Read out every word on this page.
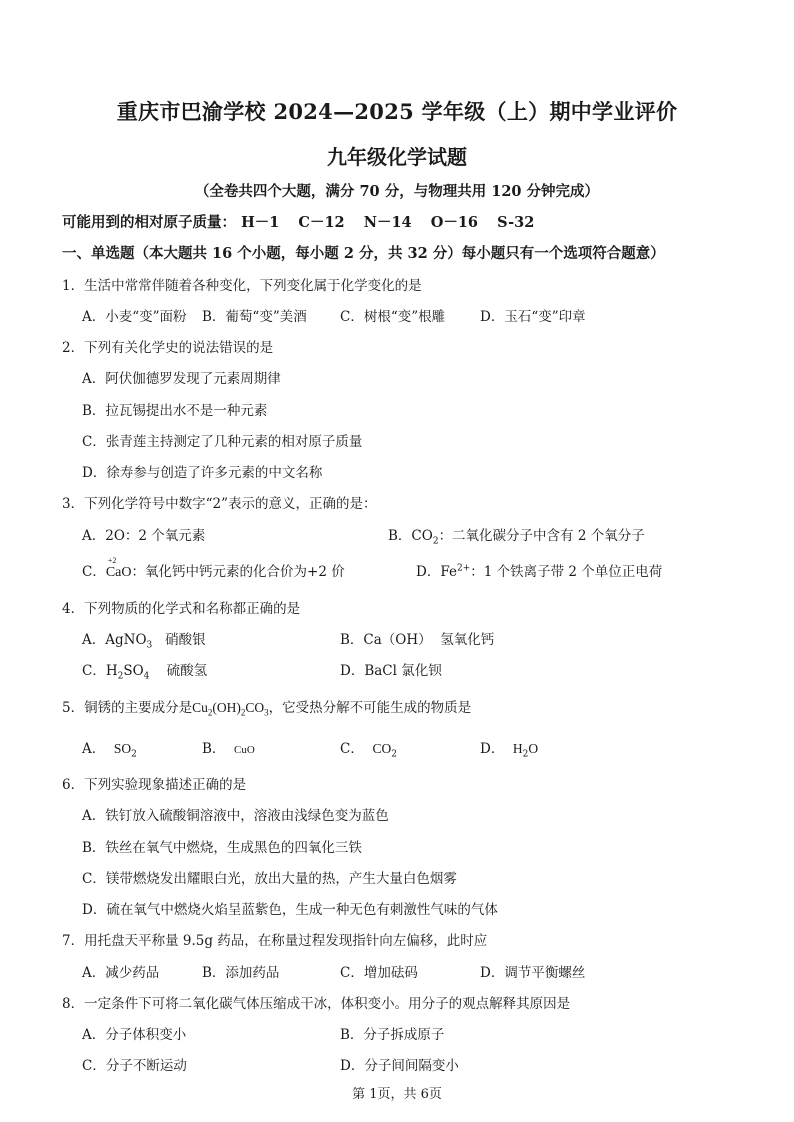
重庆市巴渝学校 2024—2025 学年级（上）期中学业评价
九年级化学试题
（全卷共四个大题，满分 70 分，与物理共用 120 分钟完成）
可能用到的相对原子质量： H－1 C－12 N－14 O－16 S-32
一、单选题（本大题共 16 个小题，每小题 2 分，共 32 分）每小题只有一个选项符合题意）
1．生活中常常伴随着各种变化，下列变化属于化学变化的是
A．小麦“变”面粉 B．葡萄“变”美酒 C．树根“变”根雕	D．玉石“变”印章
2．下列有关化学史的说法错误的是
A．阿伏伽德罗发现了元素周期律
B．拉瓦锡提出水不是一种元素
C．张青莲主持测定了几种元素的相对原子质量
D．徐寿参与创造了许多元素的中文名称
3．下列化学符号中数字“2”表示的意义，正确的是：
A．2O：2 个氧元素	B．$CO_2$：二氧化碳分子中含有 2 个氧分子
C．
+2
CaO：氧化钙中钙元素的化合价为+2 价	D．$Fe^{2+}$：1 个铁离子带 2 个单位正电荷
4．下列物质的化学式和名称都正确的是
A．AgNO$_3$ 硝酸银	B．Ca（OH） 氢氧化钙
C．$H_2SO_4$ 硫酸氢	D．BaCl 氯化钡
5．铜锈的主要成分是$Cu_2(OH)_2CO_3$，它受热分解不可能生成的物质是
A． $SO_2$	B． CuO	C． $CO_2$	D． $H_2O$
6．下列实验现象描述正确的是
A．铁钉放入硫酸铜溶液中，溶液由浅绿色变为蓝色
B．铁丝在氧气中燃烧，生成黑色的四氧化三铁
C．镁带燃烧发出耀眼白光，放出大量的热，产生大量白色烟雾
D．硫在氧气中燃烧火焰呈蓝紫色，生成一种无色有刺激性气味的气体
7．用托盘天平称量 9.5g 药品，在称量过程发现指针向左偏移，此时应
A．减少药品	B．添加药品	C．增加砝码	D．调节平衡螺丝
8．一定条件下可将二氧化碳气体压缩成干冰，体积变小。用分子的观点解释其原因是
A．分子体积变小	B．分子拆成原子
C．分子不断运动	D．分子间间隔变小
第 1页，共 6页
